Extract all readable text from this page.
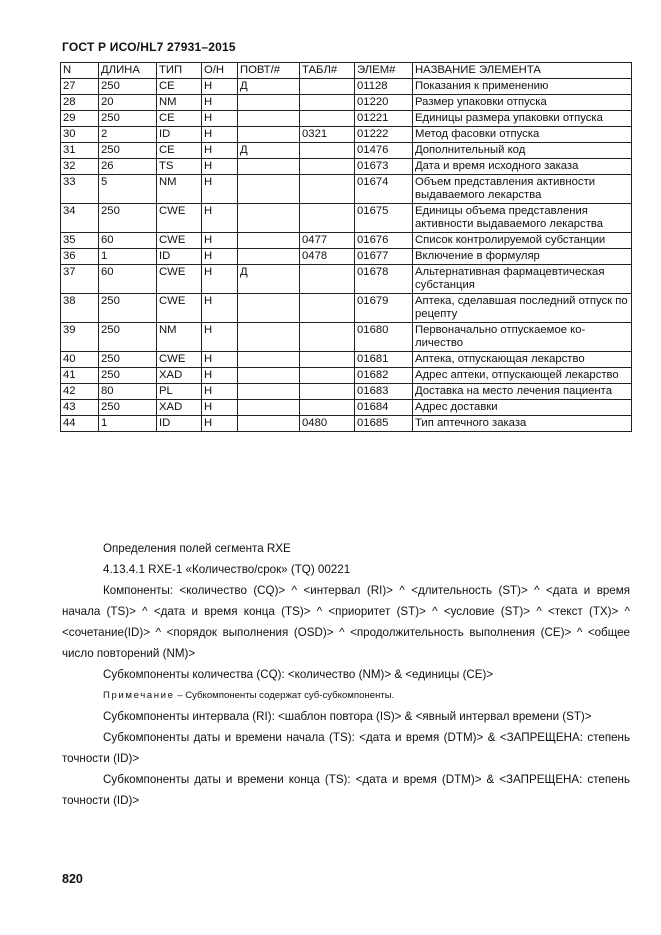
ГОСТ Р ИСО/HL7 27931–2015
N	ДЛИНА	ТИП	О/Н	ПОВТ/#	ТАБЛ#	ЭЛЕМ#	НАЗВАНИЕ ЭЛЕМЕНТА
27	250	CE	Н	Д		01128	Показания к применению
28	20	NM	Н			01220	Размер упаковки отпуска
29	250	CE	Н			01221	Единицы размера упаковки отпуска
30	2	ID	Н		0321	01222	Метод фасовки отпуска
31	250	CE	Н	Д		01476	Дополнительный код
32	26	TS	Н			01673	Дата и время исходного заказа
33	5	NM	Н			01674	Объем представления активности выдаваемого лекарства
34	250	CWE	Н			01675	Единицы объема представления активности выдаваемого лекарства
35	60	CWE	Н		0477	01676	Список контролируемой субстанции
36	1	ID	Н		0478	01677	Включение в формуляр
37	60	CWE	Н	Д		01678	Альтернативная фармацевтическая субстанция
38	250	CWE	Н			01679	Аптека, сделавшая последний отпуск по рецепту
39	250	NM	Н			01680	Первоначально отпускаемое количество
40	250	CWE	Н			01681	Аптека, отпускающая лекарство
41	250	XAD	Н			01682	Адрес аптеки, отпускающей лекарство
42	80	PL	Н			01683	Доставка на место лечения пациента
43	250	XAD	Н			01684	Адрес доставки
44	1	ID	Н		0480	01685	Тип аптечного заказа

Определения полей сегмента RXE

4.13.4.1 RXE-1 «Количество/срок» (TQ) 00221

Компоненты: <количество (CQ)> ^ <интервал (RI)> ^ <длительность (ST)> ^ <дата и время начала (TS)> ^ <дата и время конца (TS)> ^ <приоритет (ST)> ^ <условие (ST)> ^ <текст (TX)> ^ <сочетание(ID)> ^ <порядок выполнения (OSD)> ^ <продолжительность выполнения (CE)> ^ <общее число повторений (NM)>

Субкомпоненты количества (CQ): <количество (NM)> & <единицы (CE)>

Примечание – Субкомпоненты содержат суб-субкомпоненты.

Субкомпоненты интервала (RI): <шаблон повтора (IS)> & <явный интервал времени (ST)>

Субкомпоненты даты и времени начала (TS): <дата и время (DTM)> & <ЗАПРЕЩЕНА: степень точности (ID)>

Субкомпоненты даты и времени конца (TS): <дата и время (DTM)> & <ЗАПРЕЩЕНА: степень точности (ID)>

820
